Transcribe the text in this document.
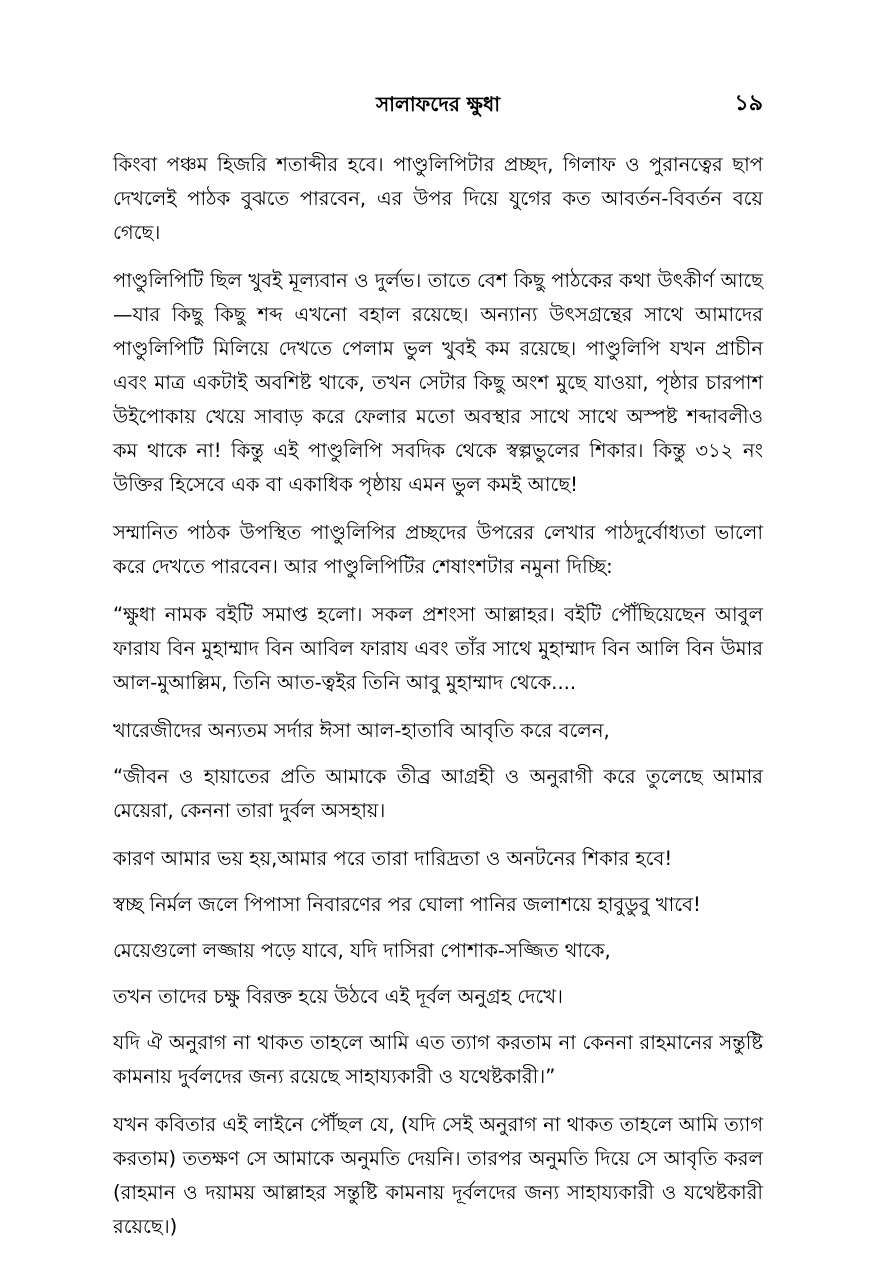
সালাফদের ক্ষুধা	১৯

কিংবা পঞ্চম হিজরি শতাব্দীর হবে। পাণ্ডুলিপিটার প্রচ্ছদ, গিলাফ ও পুরানত্বের ছাপ দেখলেই পাঠক বুঝতে পারবেন, এর উপর দিয়ে যুগের কত আবর্তন-বিবর্তন বয়ে গেছে।

পাণ্ডুলিপিটি ছিল খুবই মূল্যবান ও দুর্লভ। তাতে বেশ কিছু পাঠকের কথা উৎকীর্ণ আছে—যার কিছু কিছু শব্দ এখনো বহাল রয়েছে। অন্যান্য উৎসগ্রন্থের সাথে আমাদের পাণ্ডুলিপিটি মিলিয়ে দেখতে পেলাম ভুল খুবই কম রয়েছে। পাণ্ডুলিপি যখন প্রাচীন এবং মাত্র একটাই অবশিষ্ট থাকে, তখন সেটার কিছু অংশ মুছে যাওয়া, পৃষ্ঠার চারপাশ উইপোকায় খেয়ে সাবাড় করে ফেলার মতো অবস্থার সাথে সাথে অস্পষ্ট শব্দাবলীও কম থাকে না! কিন্তু এই পাণ্ডুলিপি সবদিক থেকে স্বল্পভুলের শিকার। কিন্তু ৩১২ নং উক্তির হিসেবে এক বা একাধিক পৃষ্ঠায় এমন ভুল কমই আছে!

সম্মানিত পাঠক উপস্থিত পাণ্ডুলিপির প্রচ্ছদের উপরের লেখার পাঠদুর্বোধ্যতা ভালো করে দেখতে পারবেন। আর পাণ্ডুলিপিটির শেষাংশটার নমুনা দিচ্ছি:

“ক্ষুধা নামক বইটি সমাপ্ত হলো। সকল প্রশংসা আল্লাহর। বইটি পৌঁছিয়েছেন আবুল ফারায বিন মুহাম্মাদ বিন আবিল ফারায এবং তাঁর সাথে মুহাম্মাদ বিন আলি বিন উমার আল-মুআল্লিম, তিনি আত-ত্বইর তিনি আবু মুহাম্মাদ থেকে....

খারেজীদের অন্যতম সর্দার ঈসা আল-হাতাবি আবৃতি করে বলেন,

“জীবন ও হায়াতের প্রতি আমাকে তীব্র আগ্রহী ও অনুরাগী করে তুলেছে আমার মেয়েরা, কেননা তারা দুর্বল অসহায়।

কারণ আমার ভয় হয়,আমার পরে তারা দারিদ্রতা ও অনটনের শিকার হবে!

স্বচ্ছ নির্মল জলে পিপাসা নিবারণের পর ঘোলা পানির জলাশয়ে হাবুডুবু খাবে!

মেয়েগুলো লজ্জায় পড়ে যাবে, যদি দাসিরা পোশাক-সজ্জিত থাকে,

তখন তাদের চক্ষু বিরক্ত হয়ে উঠবে এই দূর্বল অনুগ্রহ দেখে।

যদি ঐ অনুরাগ না থাকত তাহলে আমি এত ত্যাগ করতাম না কেননা রাহমানের সন্তুষ্টি কামনায় দুর্বলদের জন্য রয়েছে সাহায্যকারী ও যথেষ্টকারী।”

যখন কবিতার এই লাইনে পৌঁছল যে, (যদি সেই অনুরাগ না থাকত তাহলে আমি ত্যাগ করতাম) ততক্ষণ সে আমাকে অনুমতি দেয়নি। তারপর অনুমতি দিয়ে সে আবৃতি করল (রাহমান ও দয়াময় আল্লাহর সন্তুষ্টি কামনায় দূর্বলদের জন্য সাহায্যকারী ও যথেষ্টকারী রয়েছে।)
